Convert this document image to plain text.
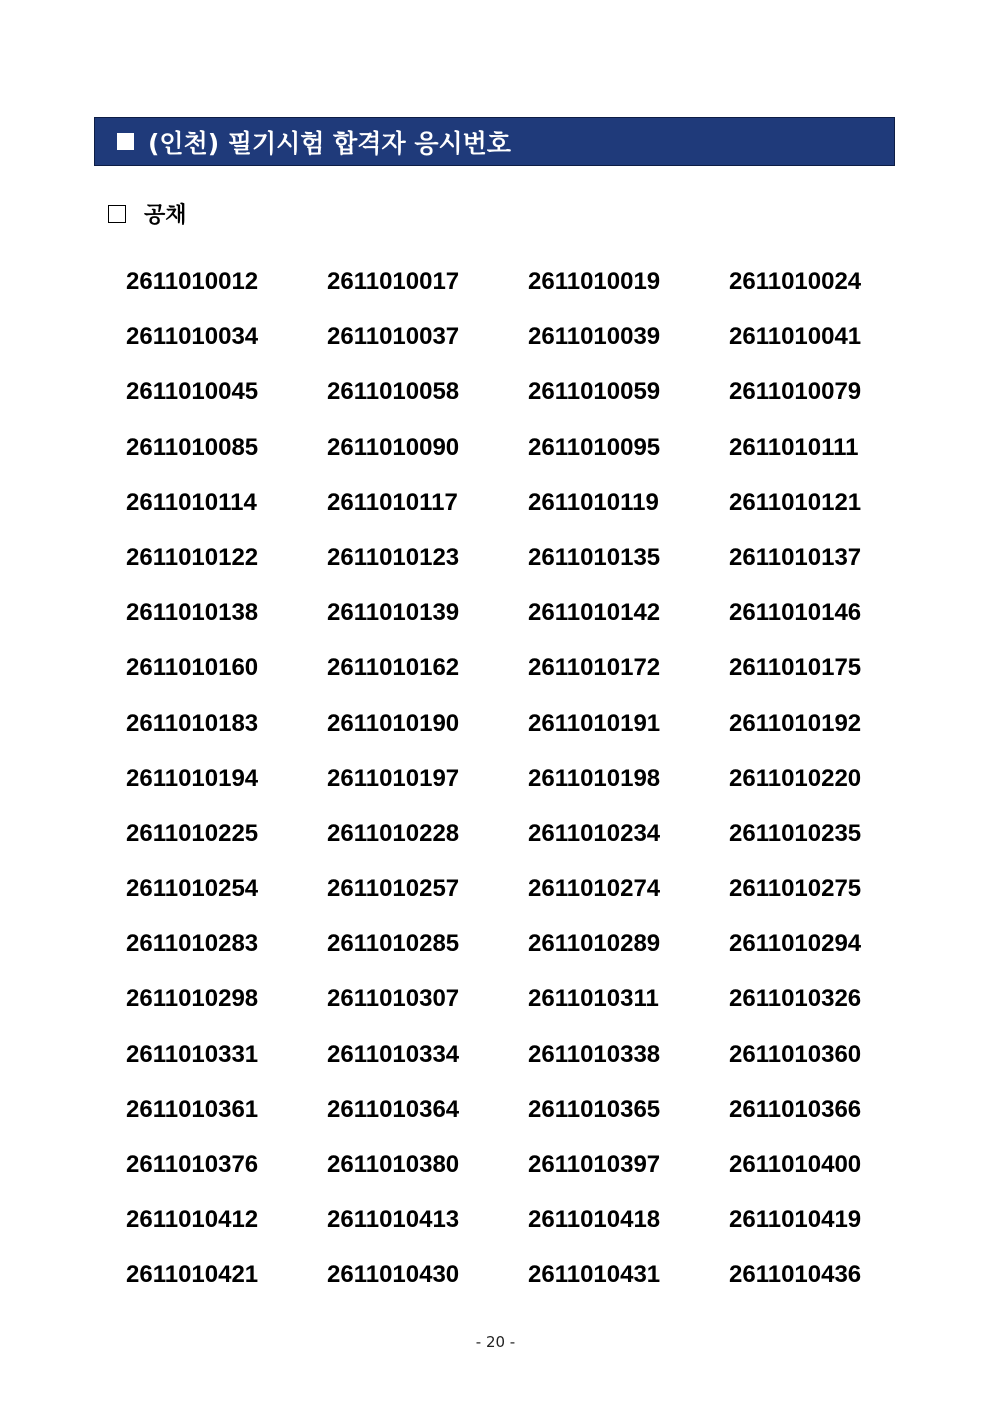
(인천) 필기시험 합격자 응시번호
공채
2611010012	2611010017	2611010019	2611010024
2611010034	2611010037	2611010039	2611010041
2611010045	2611010058	2611010059	2611010079
2611010085	2611010090	2611010095	2611010111
2611010114	2611010117	2611010119	2611010121
2611010122	2611010123	2611010135	2611010137
2611010138	2611010139	2611010142	2611010146
2611010160	2611010162	2611010172	2611010175
2611010183	2611010190	2611010191	2611010192
2611010194	2611010197	2611010198	2611010220
2611010225	2611010228	2611010234	2611010235
2611010254	2611010257	2611010274	2611010275
2611010283	2611010285	2611010289	2611010294
2611010298	2611010307	2611010311	2611010326
2611010331	2611010334	2611010338	2611010360
2611010361	2611010364	2611010365	2611010366
2611010376	2611010380	2611010397	2611010400
2611010412	2611010413	2611010418	2611010419
2611010421	2611010430	2611010431	2611010436
- 20 -
